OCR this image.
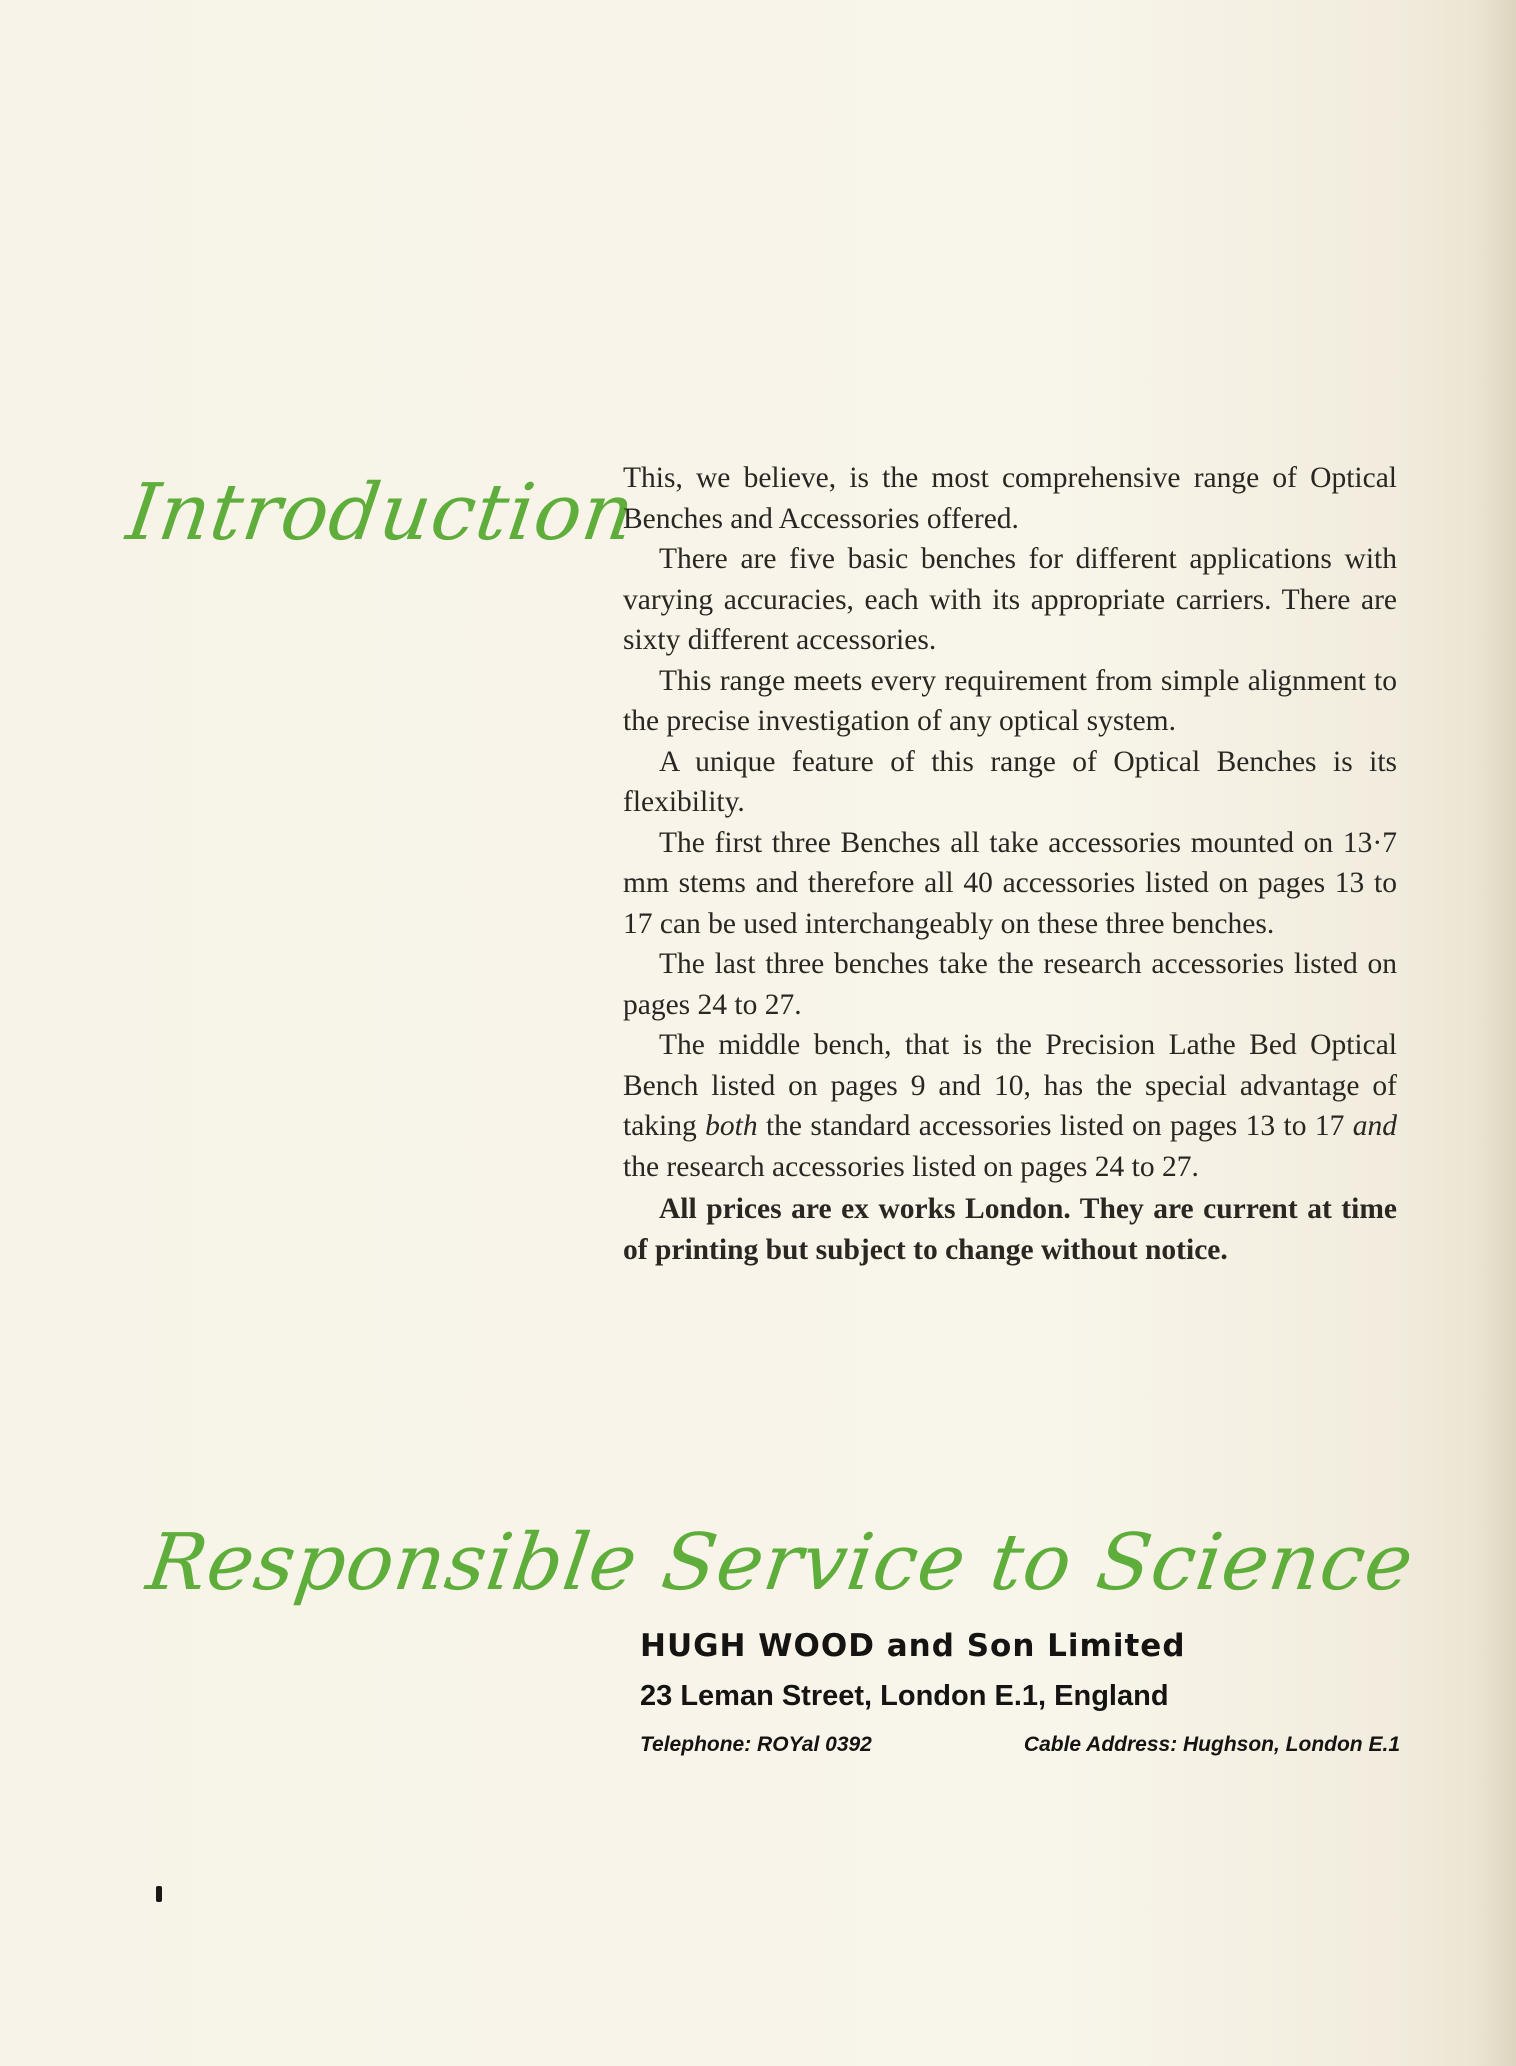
Introduction

This, we believe, is the most comprehensive range of Optical Benches and Accessories offered.

There are five basic benches for different applications with varying accuracies, each with its appropriate carriers. There are sixty different accessories.

This range meets every requirement from simple alignment to the precise investigation of any optical system.

A unique feature of this range of Optical Benches is its flexibility.

The first three Benches all take accessories mounted on 13·7 mm stems and therefore all 40 accessories listed on pages 13 to 17 can be used interchangeably on these three benches.

The last three benches take the research accessories listed on pages 24 to 27.

The middle bench, that is the Precision Lathe Bed Optical Bench listed on pages 9 and 10, has the special advantage of taking both the standard accessories listed on pages 13 to 17 and the research accessories listed on pages 24 to 27.

All prices are ex works London. They are current at time of printing but subject to change without notice.

Responsible Service to Science
HUGH WOOD and Son Limited
23 Leman Street, London E.1, England
Telephone: ROYal 0392	Cable Address: Hughson, London E.1
